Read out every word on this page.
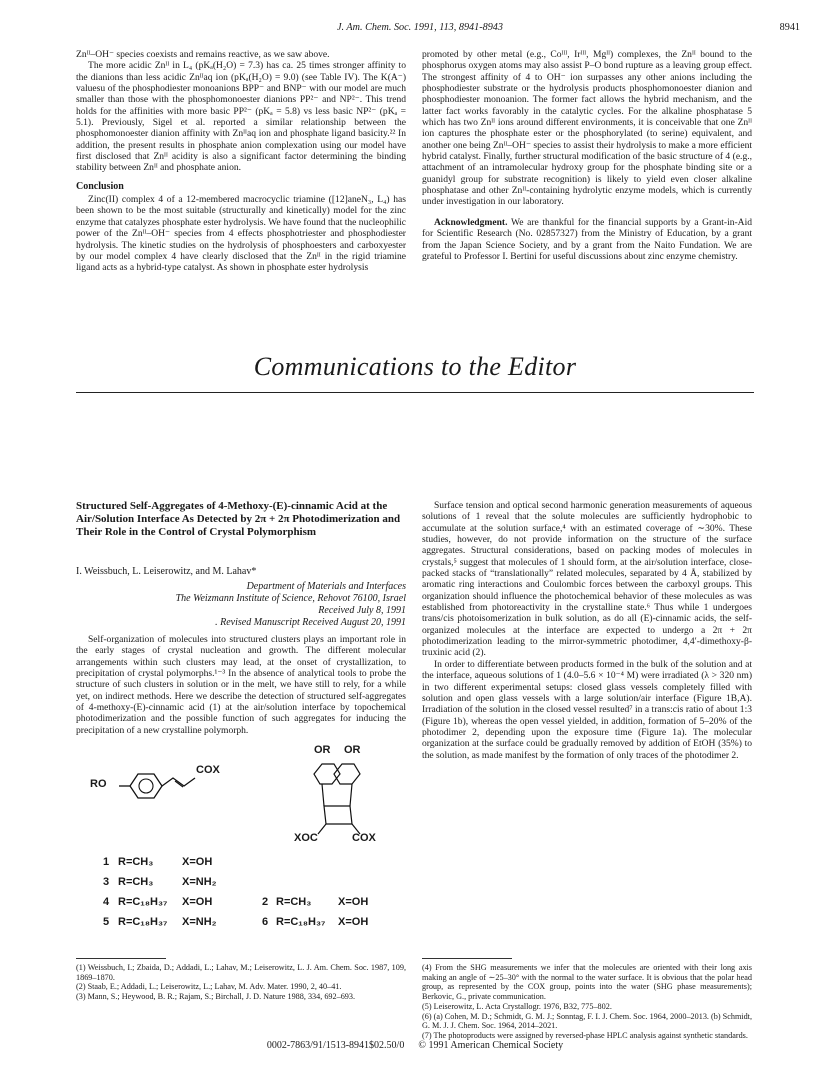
J. Am. Chem. Soc. 1991, 113, 8941-8943	8941

Znᴵᴵ–OH⁻ species coexists and remains reactive, as we saw above.

The more acidic Znᴵᴵ in L₄ (pKₐ(H₂O) = 7.3) has ca. 25 times stronger affinity to the dianions than less acidic Znᴵᴵaq ion (pKₐ(H₂O) = 9.0) (see Table IV). The K(A⁻) valuesu of the phosphodiester monoanions BPP⁻ and BNP⁻ with our model are much smaller than those with the phosphomonoester dianions PP²⁻ and NP²⁻. This trend holds for the affinities with more basic PP²⁻ (pKₐ = 5.8) vs less basic NP²⁻ (pKₐ = 5.1). Previously, Sigel et al. reported a similar relationship between the phosphomonoester dianion affinity with Znᴵᴵaq ion and phosphate ligand basicity.²² In addition, the present results in phosphate anion complexation using our model have first disclosed that Znᴵᴵ acidity is also a significant factor determining the binding stability between Znᴵᴵ and phosphate anion.

Conclusion

Zinc(II) complex 4 of a 12-membered macrocyclic triamine ([12]aneN₃, L₄) has been shown to be the most suitable (structurally and kinetically) model for the zinc enzyme that catalyzes phosphate ester hydrolysis. We have found that the nucleophilic power of the Znᴵᴵ–OH⁻ species from 4 effects phosphotriester and phosphodiester hydrolysis. The kinetic studies on the hydrolysis of phosphoesters and carboxyester by our model complex 4 have clearly disclosed that the Znᴵᴵ in the rigid triamine ligand acts as a hybrid-type catalyst. As shown in phosphate ester hydrolysis

promoted by other metal (e.g., Coᴵᴵᴵ, Irᴵᴵᴵ, Mgᴵᴵ) complexes, the Znᴵᴵ bound to the phosphorus oxygen atoms may also assist P–O bond rupture as a leaving group effect. The strongest affinity of 4 to OH⁻ ion surpasses any other anions including the phosphodiester substrate or the hydrolysis products phosphomonoester dianion and phosphodiester monoanion. The former fact allows the hybrid mechanism, and the latter fact works favorably in the catalytic cycles. For the alkaline phosphatase 5 which has two Znᴵᴵ ions around different environments, it is conceivable that one Znᴵᴵ ion captures the phosphate ester or the phosphorylated (to serine) equivalent, and another one being Znᴵᴵ–OH⁻ species to assist their hydrolysis to make a more efficient hybrid catalyst. Finally, further structural modification of the basic structure of 4 (e.g., attachment of an intramolecular hydroxy group for the phosphate binding site or a guanidyl group for substrate recognition) is likely to yield even closer alkaline phosphatase and other Znᴵᴵ-containing hydrolytic enzyme models, which is currently under investigation in our laboratory.

Acknowledgment. We are thankful for the financial supports by a Grant-in-Aid for Scientific Research (No. 02857327) from the Ministry of Education, by a grant from the Japan Science Society, and by a grant from the Naito Fundation. We are grateful to Professor I. Bertini for useful discussions about zinc enzyme chemistry.

Communications to the Editor
Structured Self-Aggregates of 4-Methoxy-(E)-cinnamic Acid at the Air/Solution Interface As Detected by 2π + 2π Photodimerization and Their Role in the Control of Crystal Polymorphism
I. Weissbuch, L. Leiserowitz, and M. Lahav*
Department of Materials and Interfaces
The Weizmann Institute of Science, Rehovot 76100, Israel
Received July 8, 1991
. Revised Manuscript Received August 20, 1991

Self-organization of molecules into structured clusters plays an important role in the early stages of crystal nucleation and growth. The different molecular arrangements within such clusters may lead, at the onset of crystallization, to precipitation of crystal polymorphs.¹⁻³ In the absence of analytical tools to probe the structure of such clusters in solution or in the melt, we have still to rely, for a while yet, on indirect methods. Here we describe the detection of structured self-aggregates of 4-methoxy-(E)-cinnamic acid (1) at the air/solution interface by topochemical photodimerization and the possible function of such aggregates for inducing the precipitation of a new crystalline polymorph.

RO
COX
OR OR
XOC	COX
1 R=CH₃	X=OH
3 R=CH₃	X=NH₂
4 R=C₁₈H₃₇ X=OH
5 R=C₁₈H₃₇ X=NH₂
2 R=CH₃ X=OH
6 R=C₁₈H₃₇ X=OH

Surface tension and optical second harmonic generation measurements of aqueous solutions of 1 reveal that the solute molecules are sufficiently hydrophobic to accumulate at the solution surface,⁴ with an estimated coverage of ∼30%. These studies, however, do not provide information on the structure of the surface aggregates. Structural considerations, based on packing modes of molecules in crystals,⁵ suggest that molecules of 1 should form, at the air/solution interface, close-packed stacks of “translationally” related molecules, separated by 4 Å, stabilized by aromatic ring interactions and Coulombic forces between the carboxyl groups. This organization should influence the photochemical behavior of these molecules as was established from photoreactivity in the crystalline state.⁶ Thus while 1 undergoes trans/cis photoisomerization in bulk solution, as do all (E)-cinnamic acids, the self-organized molecules at the interface are expected to undergo a 2π + 2π photodimerization leading to the mirror-symmetric photodimer, 4,4′-dimethoxy-β-truxinic acid (2).

In order to differentiate between products formed in the bulk of the solution and at the interface, aqueous solutions of 1 (4.0–5.6 × 10⁻⁴ M) were irradiated (λ > 320 nm) in two different experimental setups: closed glass vessels completely filled with solution and open glass vessels with a large solution/air interface (Figure 1B,A). Irradiation of the solution in the closed vessel resulted⁷ in a trans:cis ratio of about 1:3 (Figure 1b), whereas the open vessel yielded, in addition, formation of 5–20% of the photodimer 2, depending upon the exposure time (Figure 1a). The molecular organization at the surface could be gradually removed by addition of EtOH (35%) to the solution, as made manifest by the formation of only traces of the photodimer 2.

(1) Weissbuch, I.; Zbaida, D.; Addadi, L.; Lahav, M.; Leiserowitz, L. J. Am. Chem. Soc. 1987, 109, 1869–1870.
(2) Staab, E.; Addadi, L.; Leiserowitz, L.; Lahav, M. Adv. Mater. 1990, 2, 40–41.
(3) Mann, S.; Heywood, B. R.; Rajam, S.; Birchall, J. D. Nature 1988, 334, 692–693.
(4) From the SHG measurements we infer that the molecules are oriented with their long axis making an angle of ∼25–30° with the normal to the water surface. It is obvious that the polar head group, as represented by the COX group, points into the water (SHG phase measurements); Berkovic, G., private communication.
(5) Leiserowitz, L. Acta Crystallogr. 1976, B32, 775–802.
(6) (a) Cohen, M. D.; Schmidt, G. M. J.; Sonntag, F. I. J. Chem. Soc. 1964, 2000–2013. (b) Schmidt, G. M. J. J. Chem. Soc. 1964, 2014–2021.
(7) The photoproducts were assigned by reversed-phase HPLC analysis against synthetic standards.
0002-7863/91/1513-8941$02.50/0 © 1991 American Chemical Society
